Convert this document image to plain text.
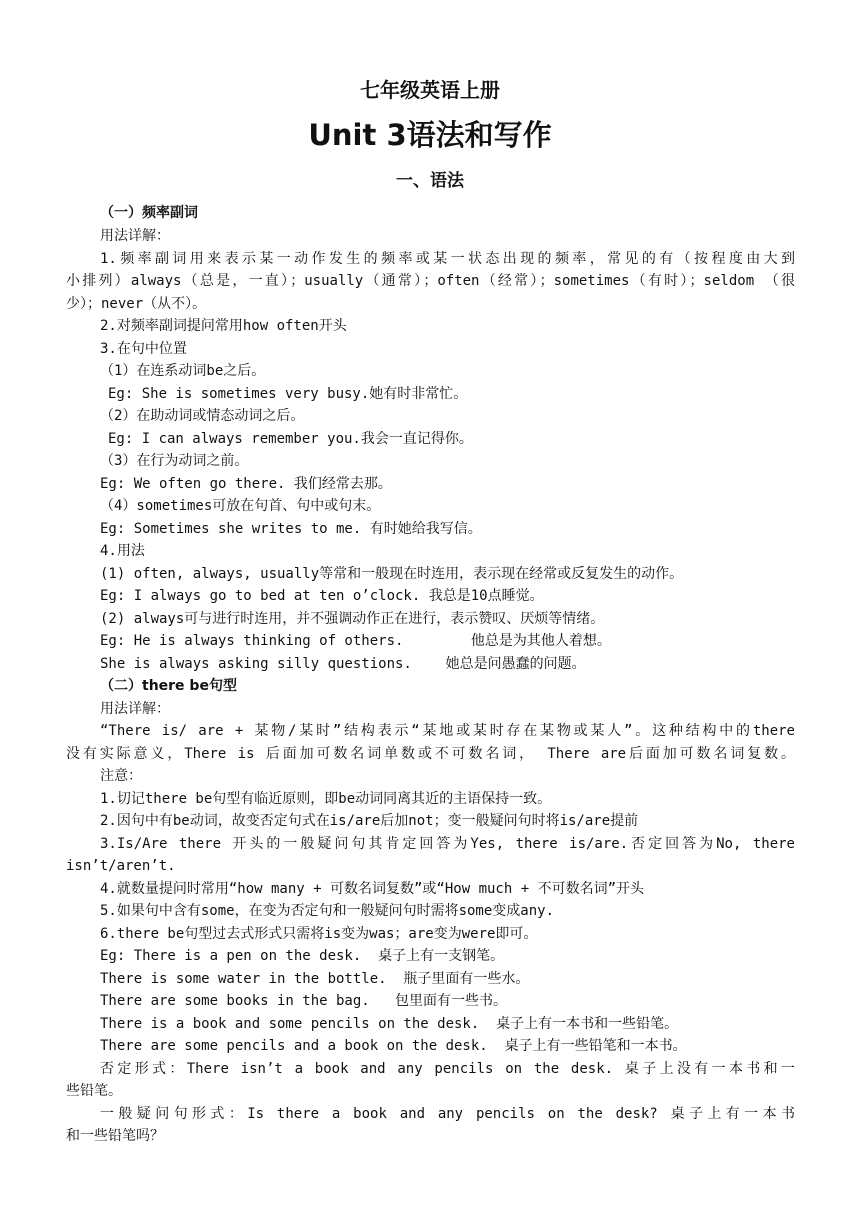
七年级英语上册
Unit 3语法和写作
一、语法
（一）频率副词
用法详解：
1.频率副词用来表示某一动作发生的频率或某一状态出现的频率，常见的有（按程度由大到
小排列）always（总是，一直）；usually（通常）；often（经常）；sometimes（有时）；seldom （很
少）；never（从不）。
2.对频率副词提问常用how often开头
3.在句中位置
（1）在连系动词be之后。
Eg: She is sometimes very busy.她有时非常忙。
（2）在助动词或情态动词之后。
Eg: I can always remember you.我会一直记得你。
（3）在行为动词之前。
Eg: We often go there. 我们经常去那。
（4）sometimes可放在句首、句中或句末。
Eg: Sometimes she writes to me. 有时她给我写信。
4.用法
(1) often, always, usually等常和一般现在时连用，表示现在经常或反复发生的动作。
Eg: I always go to bed at ten o’clock. 我总是10点睡觉。
(2) always可与进行时连用，并不强调动作正在进行，表示赞叹、厌烦等情绪。
Eg: He is always thinking of others.        他总是为其他人着想。
She is always asking silly questions.    她总是问愚蠢的问题。
（二）there be句型
用法详解：
“There is/ are + 某物/某时”结构表示“某地或某时存在某物或某人”。这种结构中的there
没有实际意义，There is 后面加可数名词单数或不可数名词， There are后面加可数名词复数。
注意：
1.切记there be句型有临近原则，即be动词同离其近的主语保持一致。
2.因句中有be动词，故变否定句式在is/are后加not；变一般疑问句时将is/are提前
3.Is/Are there 开头的一般疑问句其肯定回答为Yes, there is/are.否定回答为No, there
isn’t/aren’t.
4.就数量提问时常用“how many + 可数名词复数”或“How much + 不可数名词”开头
5.如果句中含有some，在变为否定句和一般疑问句时需将some变成any.
6.there be句型过去式形式只需将is变为was；are变为were即可。
Eg: There is a pen on the desk.  桌子上有一支钢笔。
There is some water in the bottle.  瓶子里面有一些水。
There are some books in the bag.   包里面有一些书。
There is a book and some pencils on the desk.  桌子上有一本书和一些铅笔。
There are some pencils and a book on the desk.  桌子上有一些铅笔和一本书。
否定形式：There isn’t a book and any pencils on the desk. 桌子上没有一本书和一
些铅笔。
一般疑问句形式：Is there a book and any pencils on the desk? 桌子上有一本书
和一些铅笔吗？
